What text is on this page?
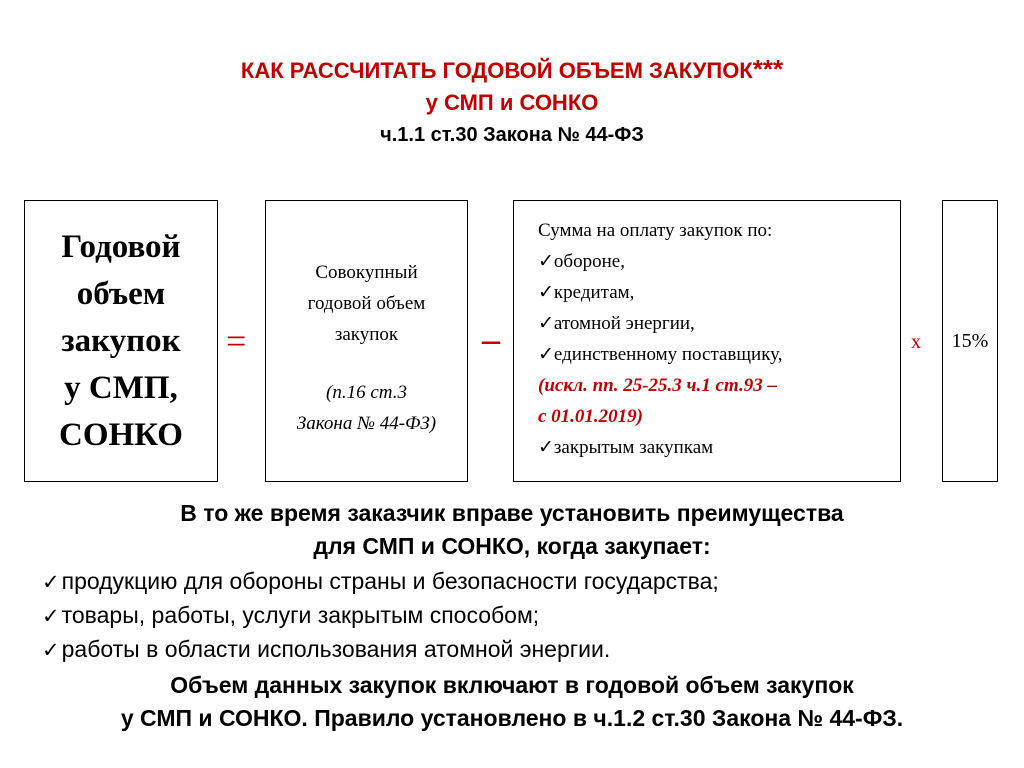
КАК РАССЧИТАТЬ ГОДОВОЙ ОБЪЕМ ЗАКУПОК***
у СМП и СОНКО
ч.1.1 ст.30 Закона № 44-ФЗ
Годовой
объем
закупок
у СМП,
СОНКО
=
Совокупный
годовой объем
закупок
(п.16 ст.3
Закона № 44-ФЗ)
–
Сумма на оплату закупок по:
✓обороне,
✓кредитам,
✓атомной энергии,
✓единственному поставщику,
(искл. пп. 25-25.3 ч.1 ст.93 –
с 01.01.2019)
✓закрытым закупкам
х 15%
В то же время заказчик вправе установить преимущества
для СМП и СОНКО, когда закупает:
✓продукцию для обороны страны и безопасности государства;
✓товары, работы, услуги закрытым способом;
✓работы в области использования атомной энергии.
Объем данных закупок включают в годовой объем закупок
у СМП и СОНКО. Правило установлено в ч.1.2 ст.30 Закона № 44-ФЗ.
